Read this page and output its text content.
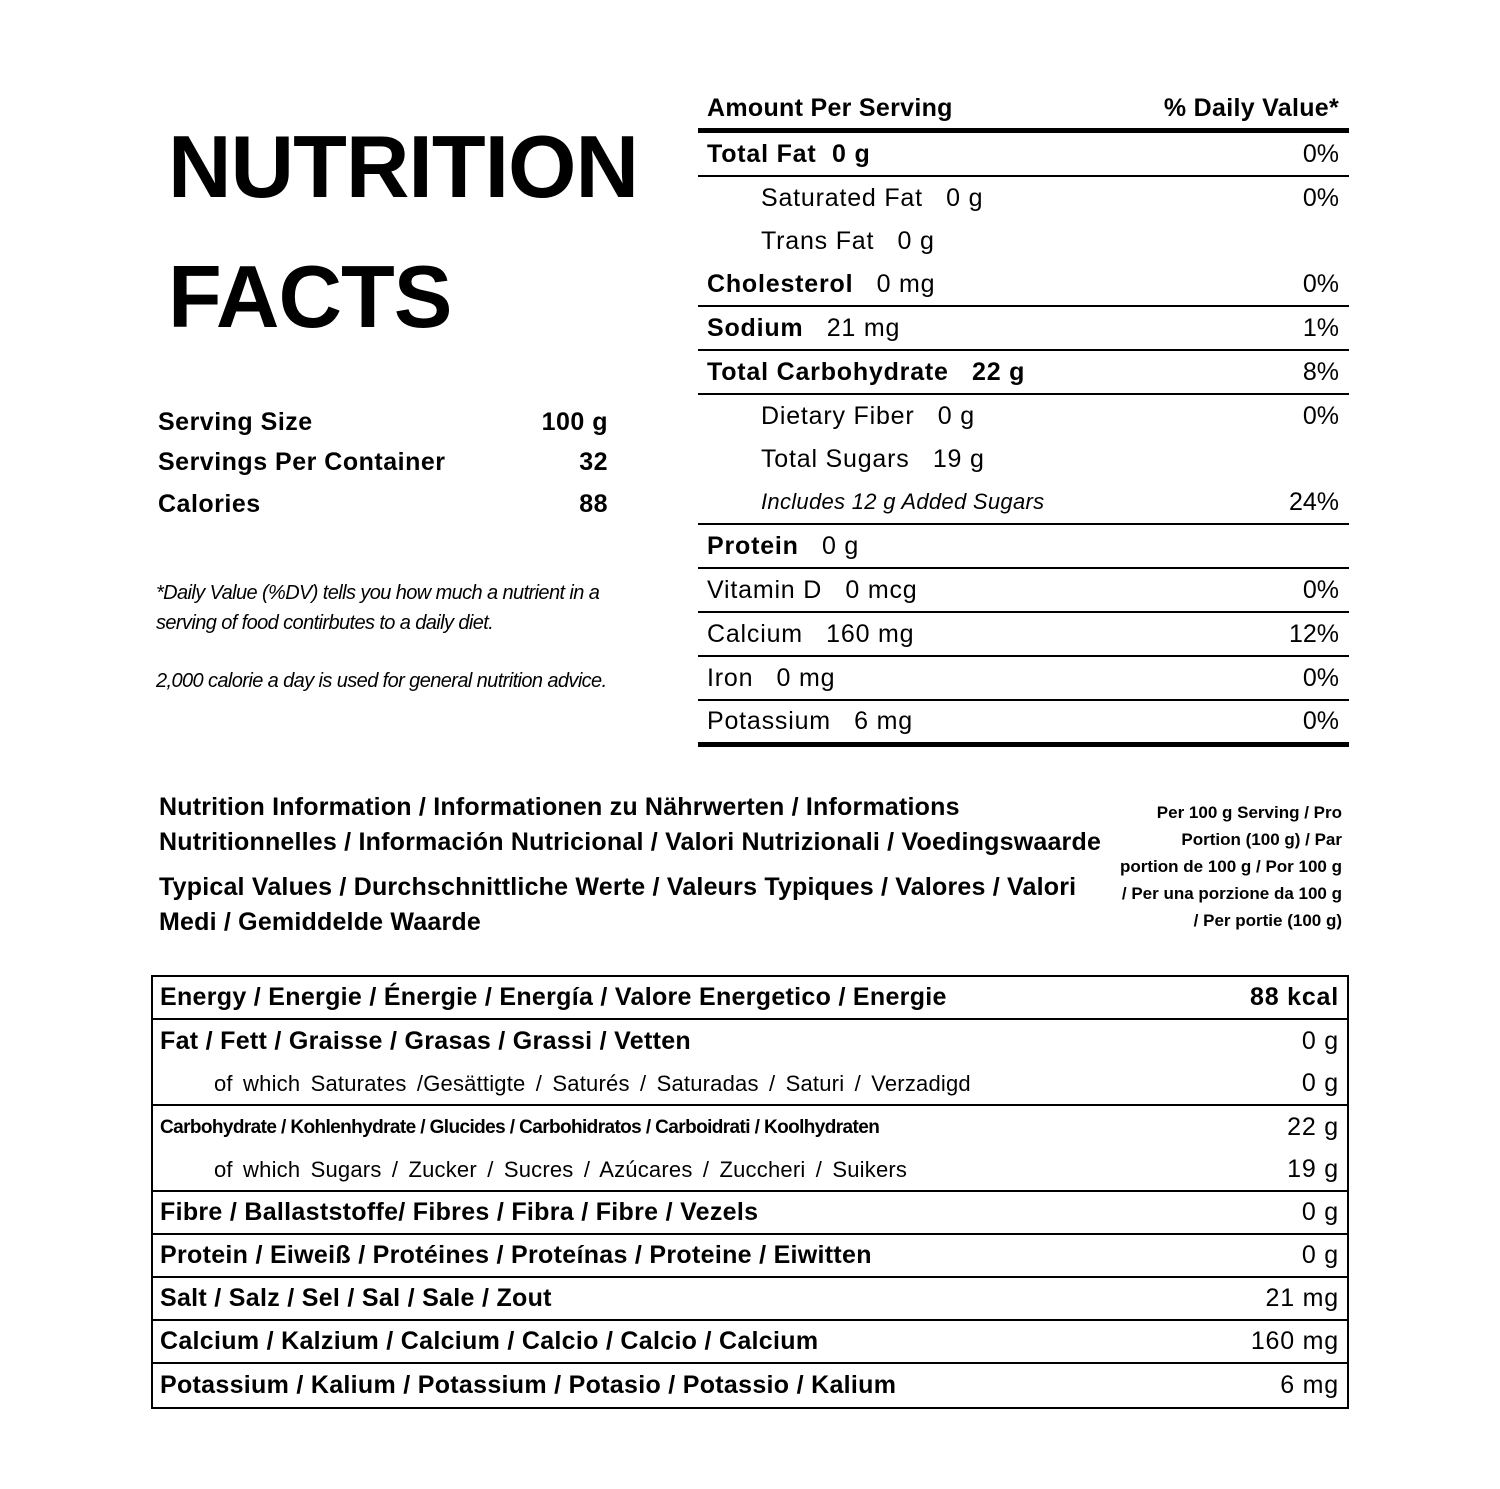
NUTRITION
FACTS
Serving Size	100 g
Servings Per Container	32
Calories	88
*Daily Value (%DV) tells you how much a nutrient in a serving of food contirbutes to a daily diet.
2,000 calorie a day is used for general nutrition advice.
Amount Per Serving	% Daily Value*
Total Fat 0 g	0%
Saturated Fat 0 g	0%
Trans Fat 0 g
Cholesterol 0 mg	0%
Sodium 21 mg	1%
Total Carbohydrate 22 g	8%
Dietary Fiber 0 g	0%
Total Sugars 19 g
Includes 12 g Added Sugars	24%
Protein 0 g
Vitamin D 0 mcg	0%
Calcium 160 mg	12%
Iron 0 mg	0%
Potassium 6 mg	0%

Nutrition Information / Informationen zu Nährwerten / Informations Nutritionnelles / Información Nutricional / Valori Nutrizionali / Voedingswaarde

Typical Values / Durchschnittliche Werte / Valeurs Typiques / Valores / Valori Medi / Gemiddelde Waarde

Per 100 g Serving / Pro Portion (100 g) / Par portion de 100 g / Por 100 g / Per una porzione da 100 g / Per portie (100 g)
Energy / Energie / Énergie / Energía / Valore Energetico / Energie	88 kcal
Fat / Fett / Graisse / Grasas / Grassi / Vetten	0 g
of which Saturates /Gesättigte / Saturés / Saturadas / Saturi / Verzadigd	0 g
Carbohydrate / Kohlenhydrate / Glucides / Carbohidratos / Carboidrati / Koolhydraten	22 g
of which Sugars / Zucker / Sucres / Azúcares / Zuccheri / Suikers	19 g
Fibre / Ballaststoffe/ Fibres / Fibra / Fibre / Vezels	0 g
Protein / Eiweiß / Protéines / Proteínas / Proteine / Eiwitten	0 g
Salt / Salz / Sel / Sal / Sale / Zout	21 mg
Calcium / Kalzium / Calcium / Calcio / Calcio / Calcium	160 mg
Potassium / Kalium / Potassium / Potasio / Potassio / Kalium	6 mg
